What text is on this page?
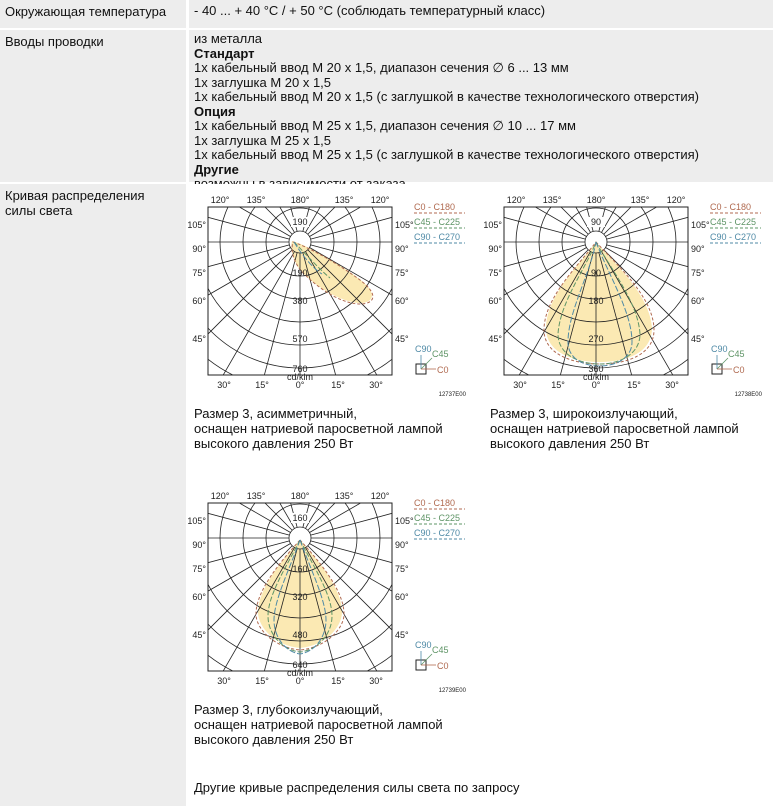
Окружающая температура	- 40 ... + 40 °C / + 50 °C (соблюдать температурный класс)
Вводы проводки	из металла
Стандарт
1х кабельный ввод М 20 х 1,5, диапазон сечения ∅ 6 ... 13 мм
1х заглушка М 20 х 1,5
1х кабельный ввод М 20 х 1,5 (с заглушкой в качестве технологического отверстия)
Опция
1х кабельный ввод М 25 х 1,5, диапазон сечения ∅ 10 ... 17 мм
1х заглушка М 25 х 1,5
1х кабельный ввод М 25 х 1,5 (с заглушкой в качестве технологического отверстия)
Другие
Кривая распределения
силы света
190
190
380
570
760
cd/klm
120° 135°	180°	135° 120°
30°	15°	0°	15°	30°
105°	105°
90°	90°
75°	75°
60°	60°
45°	45°
C0 - C180
C45 - C225
C90 - C270
C90 C45
C0
12737E00
Размер 3, асимметричный,
оснащен натриевой паросветной лампой
высокого давления 250 Вт
90
90
180
270
360
cd/klm
120° 135°	180°	135° 120°
30°	15°	0°	15°	30°
105°	105°
90°	90°
75°	75°
60°	60°
45°	45°
C0 - C180
C45 - C225
C90 - C270
C90 C45
C0
12738E00
Размер 3, широкоизлучающий,
оснащен натриевой паросветной лампой
высокого давления 250 Вт
160
160
320
480
640
cd/klm
120° 135°	180°	135° 120°
30°	15°	0°	15°	30°
105°	105°
90°	90°
75°	75°
60°	60°
45°	45°
C0 - C180
C45 - C225
C90 - C270
C90 C45
C0
12739E00
Размер 3, глубокоизлучающий,
оснащен натриевой паросветной лампой
высокого давления 250 Вт
Другие кривые распределения силы света по запросу
